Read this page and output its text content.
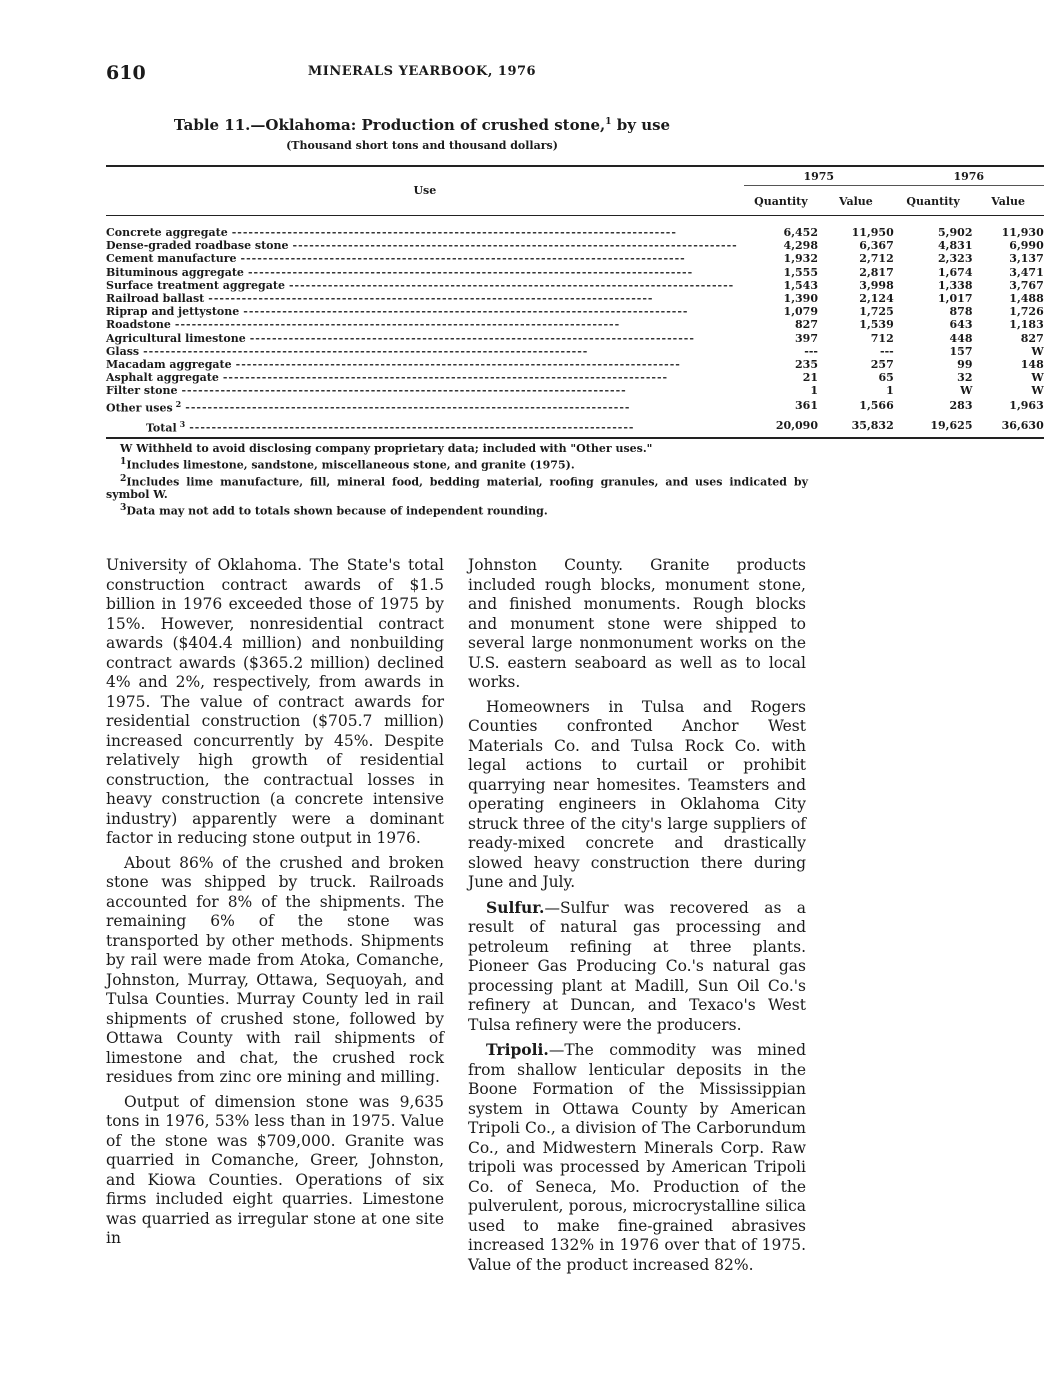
610	MINERALS YEARBOOK, 1976
Table 11.—Oklahoma: Production of crushed stone,$^1$ by use
(Thousand short tons and thousand dollars)
Use	1975		1976	
	Quantity	Value	Quantity	Value

Concrete aggregate --------------------------------------------------------------------------------	6,452	11,950	5,902	11,930

Dense-graded roadbase stone --------------------------------------------------------------------------------	4,298	6,367	4,831	6,990

Cement manufacture --------------------------------------------------------------------------------	1,932	2,712	2,323	3,137

Bituminous aggregate --------------------------------------------------------------------------------	1,555	2,817	1,674	3,471

Surface treatment aggregate --------------------------------------------------------------------------------	1,543	3,998	1,338	3,767

Railroad ballast --------------------------------------------------------------------------------	1,390	2,124	1,017	1,488

Riprap and jettystone --------------------------------------------------------------------------------	1,079	1,725	878	1,726

Roadstone --------------------------------------------------------------------------------	827	1,539	643	1,183

Agricultural limestone --------------------------------------------------------------------------------	397	712	448	827

Glass --------------------------------------------------------------------------------	---	---	157	W

Macadam aggregate --------------------------------------------------------------------------------	235	257	99	148

Asphalt aggregate --------------------------------------------------------------------------------	21	65	32	W

Filter stone --------------------------------------------------------------------------------	1	1	W	W

Other uses $^2$ --------------------------------------------------------------------------------	361	1,566	283	1,963

Total $^3$ --------------------------------------------------------------------------------	20,090	35,832	19,625	36,630

W Withheld to avoid disclosing company proprietary data; included with "Other uses."

$^1$Includes limestone, sandstone, miscellaneous stone, and granite (1975).

$^2$Includes lime manufacture, fill, mineral food, bedding material, roofing granules, and uses indicated by symbol W.

$^3$Data may not add to totals shown because of independent rounding.

University of Oklahoma. The State's total construction contract awards of $1.5 billion in 1976 exceeded those of 1975 by 15%. However, nonresidential contract awards ($404.4 million) and nonbuilding contract awards ($365.2 million) declined 4% and 2%, respectively, from awards in 1975. The value of contract awards for residential construction ($705.7 million) increased concurrently by 45%. Despite relatively high growth of residential construction, the contractual losses in heavy construction (a concrete intensive industry) apparently were a dominant factor in reducing stone output in 1976.

About 86% of the crushed and broken stone was shipped by truck. Railroads accounted for 8% of the shipments. The remaining 6% of the stone was transported by other methods. Shipments by rail were made from Atoka, Comanche, Johnston, Murray, Ottawa, Sequoyah, and Tulsa Counties. Murray County led in rail shipments of crushed stone, followed by Ottawa County with rail shipments of limestone and chat, the crushed rock residues from zinc ore mining and milling.

Output of dimension stone was 9,635 tons in 1976, 53% less than in 1975. Value of the stone was $709,000. Granite was quarried in Comanche, Greer, Johnston, and Kiowa Counties. Operations of six firms included eight quarries. Limestone was quarried as irregular stone at one site in

Johnston County. Granite products included rough blocks, monument stone, and finished monuments. Rough blocks and monument stone were shipped to several large nonmonument works on the U.S. eastern seaboard as well as to local works.

Homeowners in Tulsa and Rogers Counties confronted Anchor West Materials Co. and Tulsa Rock Co. with legal actions to curtail or prohibit quarrying near homesites. Teamsters and operating engineers in Oklahoma City struck three of the city's large suppliers of ready-mixed concrete and drastically slowed heavy construction there during June and July.

Sulfur.—Sulfur was recovered as a result of natural gas processing and petroleum refining at three plants. Pioneer Gas Producing Co.'s natural gas processing plant at Madill, Sun Oil Co.'s refinery at Duncan, and Texaco's West Tulsa refinery were the producers.

Tripoli.—The commodity was mined from shallow lenticular deposits in the Boone Formation of the Mississippian system in Ottawa County by American Tripoli Co., a division of The Carborundum Co., and Midwestern Minerals Corp. Raw tripoli was processed by American Tripoli Co. of Seneca, Mo. Production of the pulverulent, porous, microcrystalline silica used to make fine-grained abrasives increased 132% in 1976 over that of 1975. Value of the product increased 82%.
